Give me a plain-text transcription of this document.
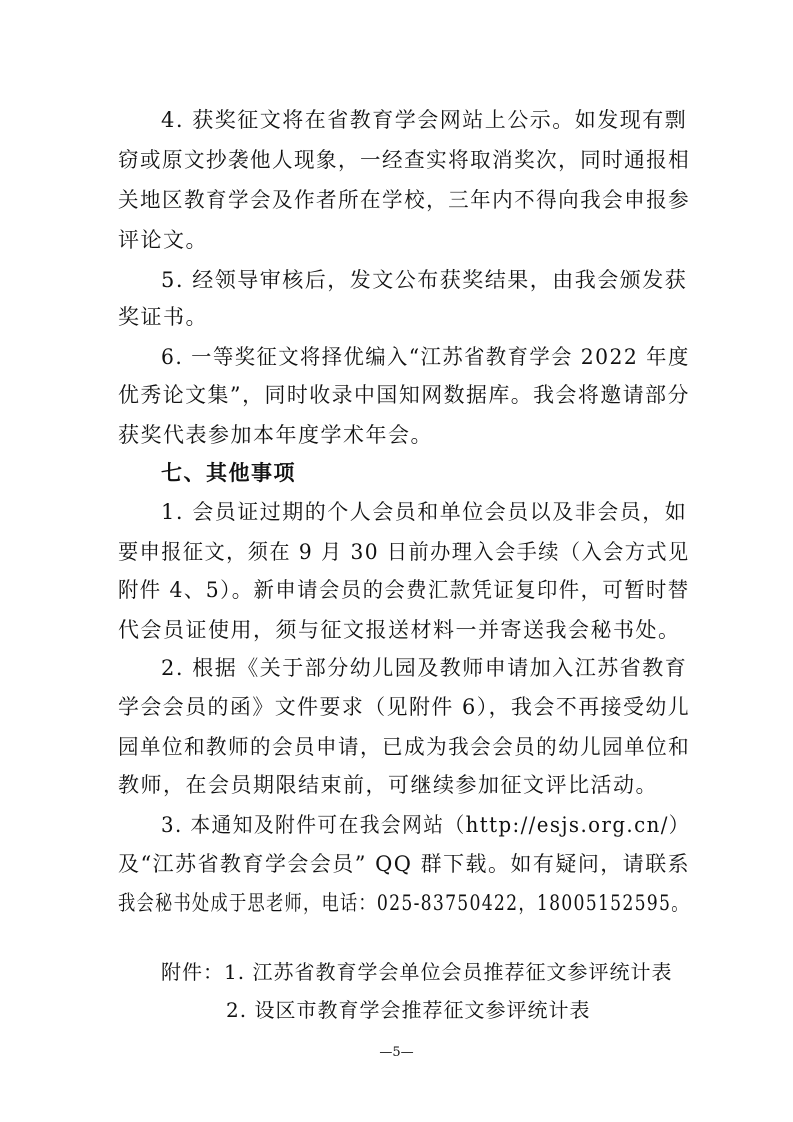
4. 获奖征文将在省教育学会网站上公示。如发现有剽
窃或原文抄袭他人现象，一经查实将取消奖次，同时通报相
关地区教育学会及作者所在学校，三年内不得向我会申报参
评论文。
5. 经领导审核后，发文公布获奖结果，由我会颁发获
奖证书。
6. 一等奖征文将择优编入“江苏省教育学会 2022 年度
优秀论文集”，同时收录中国知网数据库。我会将邀请部分
获奖代表参加本年度学术年会。
七、其他事项
1. 会员证过期的个人会员和单位会员以及非会员，如
要申报征文，须在 9 月 30 日前办理入会手续（入会方式见
附件 4、5）。新申请会员的会费汇款凭证复印件，可暂时替
代会员证使用，须与征文报送材料一并寄送我会秘书处。
2. 根据《关于部分幼儿园及教师申请加入江苏省教育
学会会员的函》文件要求（见附件 6），我会不再接受幼儿
园单位和教师的会员申请，已成为我会会员的幼儿园单位和
教师，在会员期限结束前，可继续参加征文评比活动。
3. 本通知及附件可在我会网站（http://esjs.org.cn/）
及“江苏省教育学会会员” QQ 群下载。如有疑问，请联系
我会秘书处成于思老师，电话：025-83750422，18005152595。
附件：1. 江苏省教育学会单位会员推荐征文参评统计表
2. 设区市教育学会推荐征文参评统计表
—5—
